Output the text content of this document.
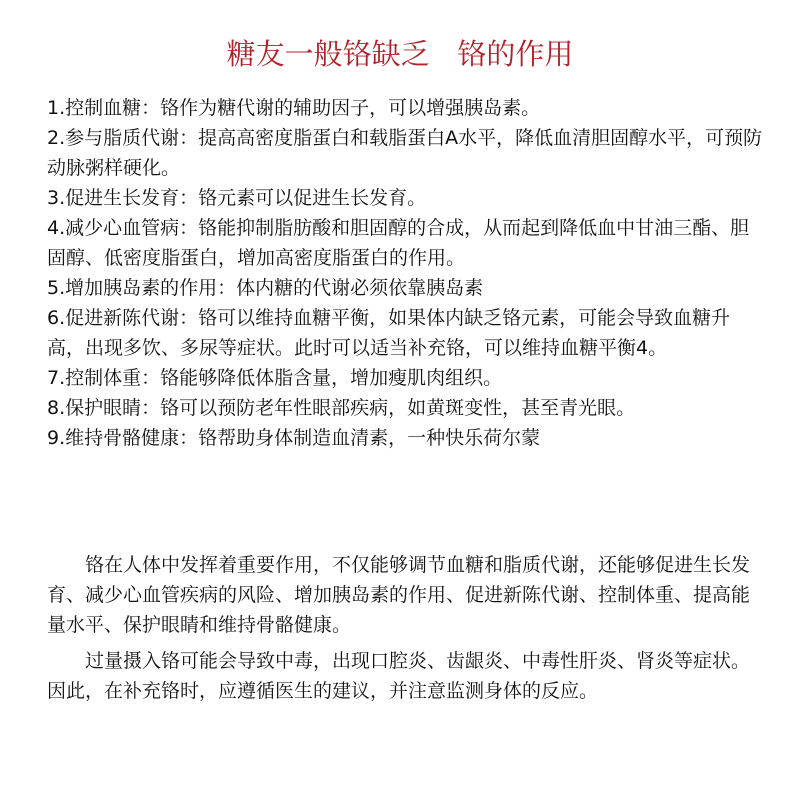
糖友一般铬缺乏   铬的作用
1.控制血糖：铬作为糖代谢的辅助因子，可以增强胰岛素。
2.参与脂质代谢：提高高密度脂蛋白和载脂蛋白A水平，降低血清胆固醇水平，可预防动脉粥样硬化。
3.促进生长发育：铬元素可以促进生长发育。
4.减少心血管病：铬能抑制脂肪酸和胆固醇的合成，从而起到降低血中甘油三酯、胆固醇、低密度脂蛋白，增加高密度脂蛋白的作用。
5.增加胰岛素的作用：体内糖的代谢必须依靠胰岛素
6.促进新陈代谢：铬可以维持血糖平衡，如果体内缺乏铬元素，可能会导致血糖升高，出现多饮、多尿等症状。此时可以适当补充铬，可以维持血糖平衡4。
7.控制体重：铬能够降低体脂含量，增加瘦肌肉组织。
8.保护眼睛：铬可以预防老年性眼部疾病，如黄斑变性，甚至青光眼。
9.维持骨骼健康：铬帮助身体制造血清素，一种快乐荷尔蒙

铬在人体中发挥着重要作用，不仅能够调节血糖和脂质代谢，还能够促进生长发育、减少心血管疾病的风险、增加胰岛素的作用、促进新陈代谢、控制体重、提高能量水平、保护眼睛和维持骨骼健康。

过量摄入铬可能会导致中毒，出现口腔炎、齿龈炎、中毒性肝炎、肾炎等症状。因此，在补充铬时，应遵循医生的建议，并注意监测身体的反应。
